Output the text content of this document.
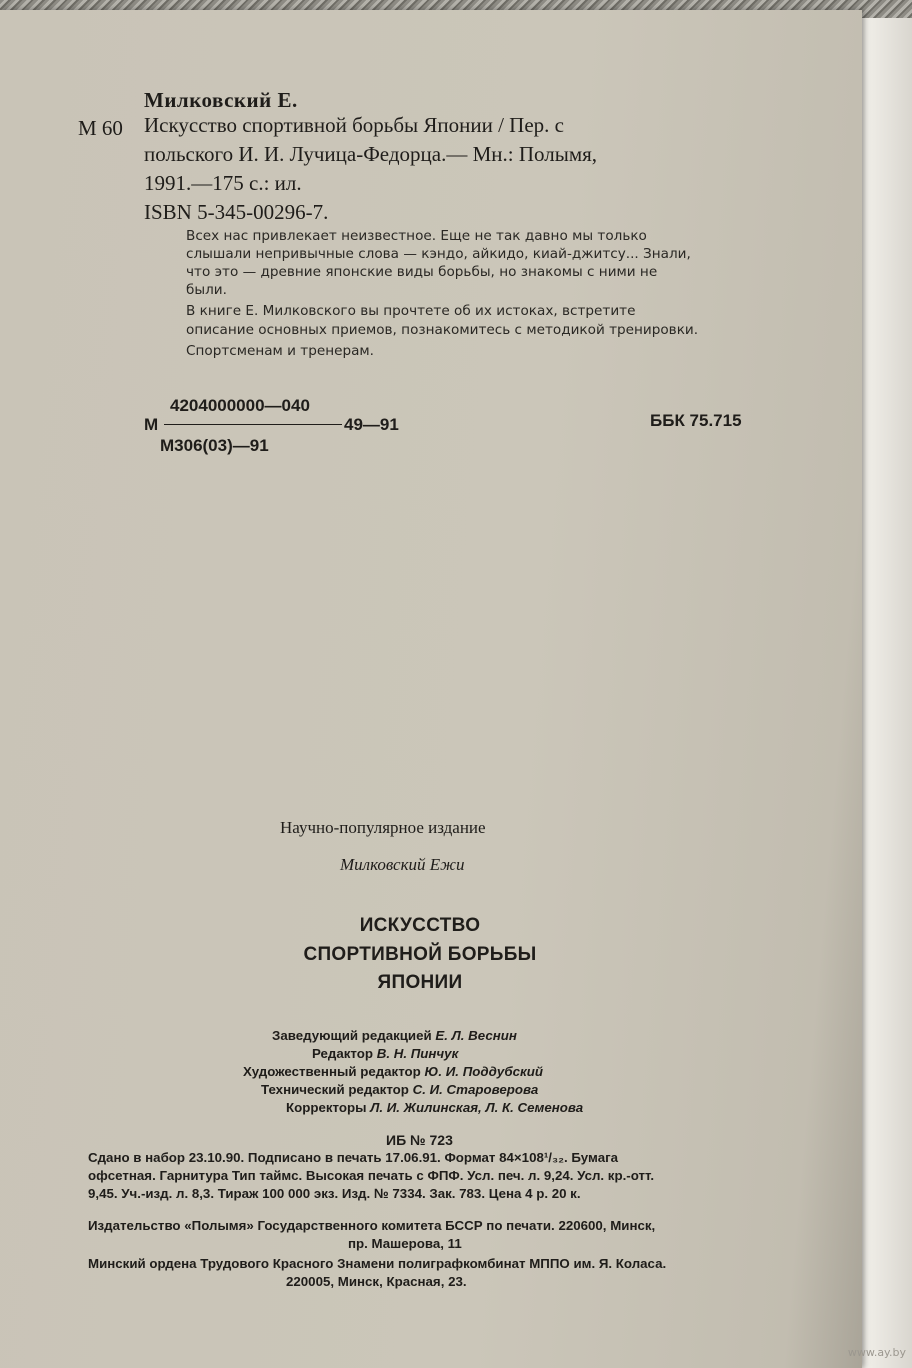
Милковский Е.
М 60 Искусство спортивной борьбы Японии / Пер. с
польского И. И. Лучица-Федорца.— Мн.: Полымя,
1991.—175 с.: ил.
ISBN 5-345-00296-7.
Всех нас привлекает неизвестное. Еще не так давно мы только
слышали непривычные слова — кэндо, айкидо, киай-джитсу... Знали,
что это — древние японские виды борьбы, но знакомы с ними не
были.
В книге Е. Милковского вы прочтете об их истоках, встретите
описание основных приемов, познакомитесь с методикой тренировки.
Спортсменам и тренерам.
4204000000—040
М	49—91
М306(03)—91
ББК 75.715
Научно-популярное издание
Милковский Ежи
ИСКУССТВО
СПОРТИВНОЙ БОРЬБЫ
ЯПОНИИ
Заведующий редакцией Е. Л. Веснин
Редактор В. Н. Пинчук
Художественный редактор Ю. И. Поддубский
Технический редактор С. И. Староверова
Корректоры Л. И. Жилинская, Л. К. Семенова
ИБ № 723
Сдано в набор 23.10.90. Подписано в печать 17.06.91. Формат 84×108¹/₃₂. Бумага
офсетная. Гарнитура Тип таймс. Высокая печать с ФПФ. Усл. печ. л. 9,24. Усл. кр.-отт.
9,45. Уч.-изд. л. 8,3. Тираж 100 000 экз. Изд. № 7334. Зак. 783. Цена 4 р. 20 к.
Издательство «Полымя» Государственного комитета БССР по печати. 220600, Минск,
пр. Машерова, 11
Минский ордена Трудового Красного Знамени полиграфкомбинат МППО им. Я. Коласа.
220005, Минск, Красная, 23.
www.ay.by
